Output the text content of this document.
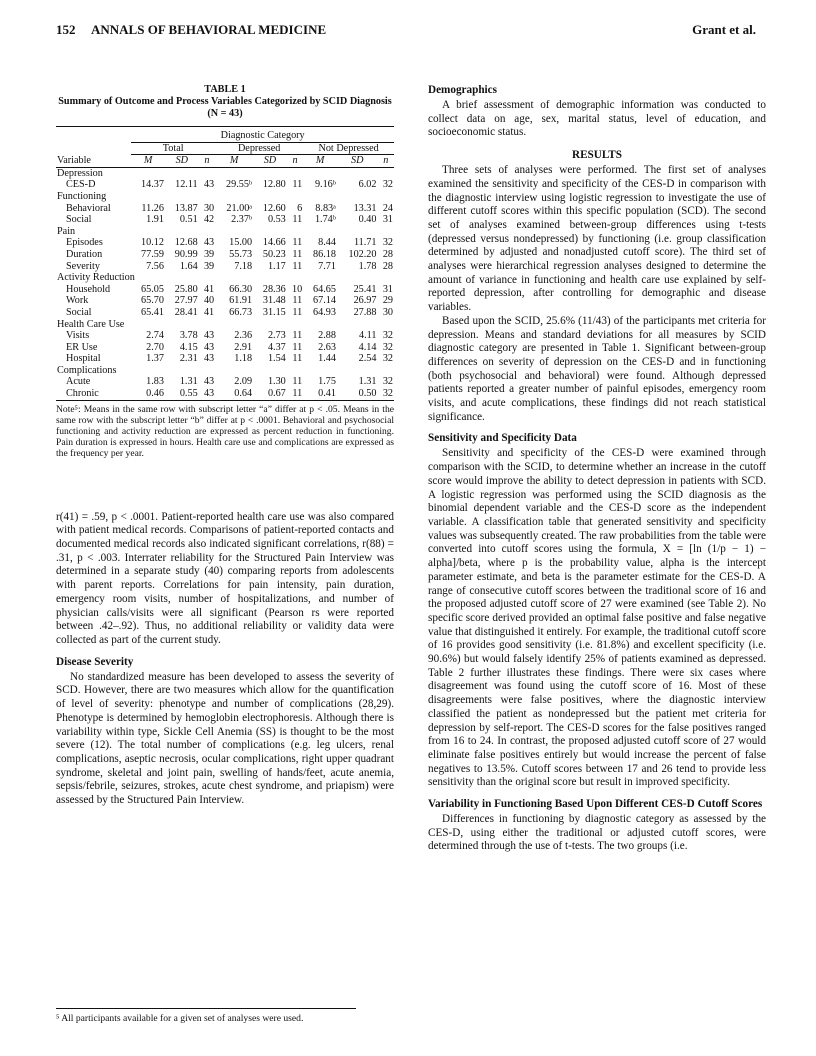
152 ANNALS OF BEHAVIORAL MEDICINE	Grant et al.
TABLE 1
Summary of Outcome and Process Variables Categorized by SCID Diagnosis (N = 43)
	Diagnostic Category								
	Total			Depressed			Not Depressed		
Variable	M	SD	n	M	SD	n	M	SD	n
Depression									
CES-D	14.37	12.11	43	29.55ᵇ	12.80	11	9.16ᵇ	6.02	32
Functioning									
Behavioral	11.26	13.87	30	21.00ᵃ	12.60	6	8.83ᵃ	13.31	24
Social	1.91	0.51	42	2.37ᵇ	0.53	11	1.74ᵇ	0.40	31
Pain									
Episodes	10.12	12.68	43	15.00	14.66	11	8.44	11.71	32
Duration	77.59	90.99	39	55.73	50.23	11	86.18	102.20	28
Severity	7.56	1.64	39	7.18	1.17	11	7.71	1.78	28
Activity Reduction									
Household	65.05	25.80	41	66.30	28.36	10	64.65	25.41	31
Work	65.70	27.97	40	61.91	31.48	11	67.14	26.97	29
Social	65.41	28.41	41	66.73	31.15	11	64.93	27.88	30
Health Care Use									
Visits	2.74	3.78	43	2.36	2.73	11	2.88	4.11	32
ER Use	2.70	4.15	43	2.91	4.37	11	2.63	4.14	32
Hospital	1.37	2.31	43	1.18	1.54	11	1.44	2.54	32
Complications									
Acute	1.83	1.31	43	2.09	1.30	11	1.75	1.31	32
Chronic	0.46	0.55	43	0.64	0.67	11	0.41	0.50	32
Note⁵: Means in the same row with subscript letter “a” differ at p < .05. Means in the same row with the subscript letter “b” differ at p < .0001. Behavioral and psychosocial functioning and activity reduction are expressed as percent reduction in functioning. Pain duration is expressed in hours. Health care use and complications are expressed as the frequency per year.

r(41) = .59, p < .0001. Patient-reported health care use was also compared with patient medical records. Comparisons of patient-reported contacts and documented medical records also indicated significant correlations, r(88) = .31, p < .003. Interrater reliability for the Structured Pain Interview was determined in a separate study (40) comparing reports from adolescents with parent reports. Correlations for pain intensity, pain duration, emergency room visits, number of hospitalizations, and number of physician calls/visits were all significant (Pearson rs were reported between .42–.92). Thus, no additional reliability or validity data were collected as part of the current study.

Disease Severity

No standardized measure has been developed to assess the severity of SCD. However, there are two measures which allow for the quantification of level of severity: phenotype and number of complications (28,29). Phenotype is determined by hemoglobin electrophoresis. Although there is variability within type, Sickle Cell Anemia (SS) is thought to be the most severe (12). The total number of complications (e.g. leg ulcers, renal complications, aseptic necrosis, ocular complications, right upper quadrant syndrome, skeletal and joint pain, swelling of hands/feet, acute anemia, sepsis/febrile, seizures, strokes, acute chest syndrome, and priapism) were assessed by the Structured Pain Interview.

Demographics

A brief assessment of demographic information was conducted to collect data on age, sex, marital status, level of education, and socioeconomic status.

RESULTS

Three sets of analyses were performed. The first set of analyses examined the sensitivity and specificity of the CES-D in comparison with the diagnostic interview using logistic regression to investigate the use of different cutoff scores within this specific population (SCD). The second set of analyses examined between-group differences using t-tests (depressed versus nondepressed) by functioning (i.e. group classification determined by adjusted and nonadjusted cutoff score). The third set of analyses were hierarchical regression analyses designed to determine the amount of variance in functioning and health care use explained by self-reported depression, after controlling for demographic and disease variables.

Based upon the SCID, 25.6% (11/43) of the participants met criteria for depression. Means and standard deviations for all measures by SCID diagnostic category are presented in Table 1. Significant between-group differences on severity of depression on the CES-D and in functioning (both psychosocial and behavioral) were found. Although depressed patients reported a greater number of painful episodes, emergency room visits, and acute complications, these findings did not reach statistical significance.

Sensitivity and Specificity Data

Sensitivity and specificity of the CES-D were examined through comparison with the SCID, to determine whether an increase in the cutoff score would improve the ability to detect depression in patients with SCD. A logistic regression was performed using the SCID diagnosis as the binomial dependent variable and the CES-D score as the independent variable. A classification table that generated sensitivity and specificity values was subsequently created. The raw probabilities from the table were converted into cutoff scores using the formula, X = [ln (1/p − 1) − alpha]/beta, where p is the probability value, alpha is the intercept parameter estimate, and beta is the parameter estimate for the CES-D. A range of consecutive cutoff scores between the traditional score of 16 and the proposed adjusted cutoff score of 27 were examined (see Table 2). No specific score derived provided an optimal false positive and false negative value that distinguished it entirely. For example, the traditional cutoff score of 16 provides good sensitivity (i.e. 81.8%) and excellent specificity (i.e. 90.6%) but would falsely identify 25% of patients examined as depressed. Table 2 further illustrates these findings. There were six cases where disagreement was found using the cutoff score of 16. Most of these disagreements were false positives, where the diagnostic interview classified the patient as nondepressed but the patient met criteria for depression by self-report. The CES-D scores for the false positives ranged from 16 to 24. In contrast, the proposed adjusted cutoff score of 27 would eliminate false positives entirely but would increase the percent of false negatives to 13.5%. Cutoff scores between 17 and 26 tend to provide less sensitivity than the original score but result in improved specificity.

Variability in Functioning Based Upon Different CES-D Cutoff Scores

Differences in functioning by diagnostic category as assessed by the CES-D, using either the traditional or adjusted cutoff scores, were determined through the use of t-tests. The two groups (i.e.

⁵ All participants available for a given set of analyses were used.
